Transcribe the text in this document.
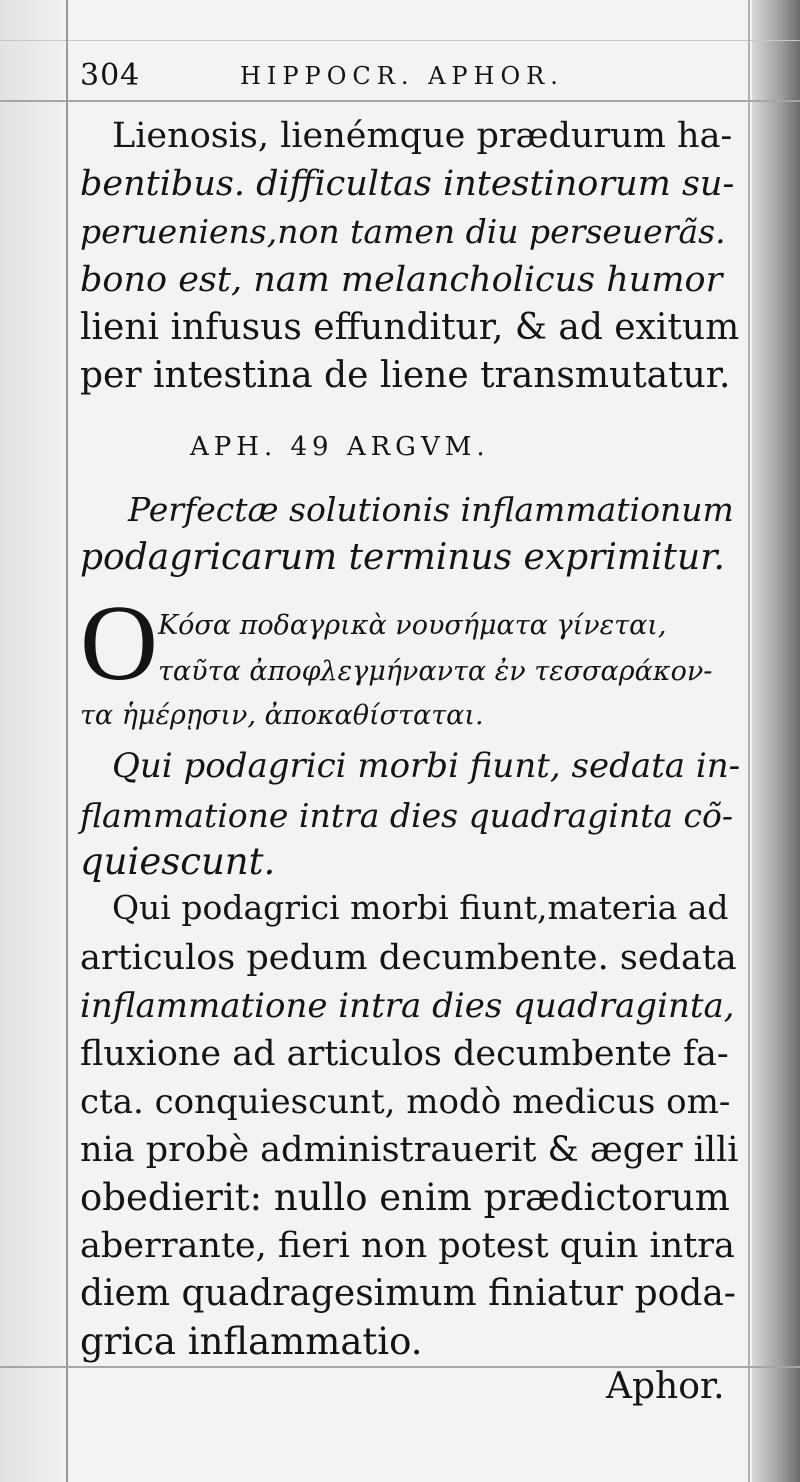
304	HIPPOCR. APHOR.
Lienosis, lienémque prædurum ha-
bentibus. difficultas intestinorum su-
perueniens,non tamen diu perseuerãs.
bono est, nam melancholicus humor
lieni infusus effunditur, & ad exitum
per intestina de liene transmutatur.
APH. 49 ARGVM.
Perfectæ solutionis inflammationum
podagricarum terminus exprimitur.
O Κόσα ποδαγρικὰ νουσήματα γίνεται,
ταῦτα ἀποφλεγμήναντα ἐν τεσσαράκον-
τα ἡμέρῃσιν, ἀποκαθίσταται.
Qui podagrici morbi fiunt, sedata in-
flammatione intra dies quadraginta cõ-
quiescunt.
Qui podagrici morbi fiunt,materia ad
articulos pedum decumbente. sedata
inflammatione intra dies quadraginta,
fluxione ad articulos decumbente fa-
cta. conquiescunt, modò medicus om-
nia probè administrauerit & æger illi
obedierit: nullo enim prædictorum
aberrante, fieri non potest quin intra
diem quadragesimum finiatur poda-
grica inflammatio.
Aphor.
